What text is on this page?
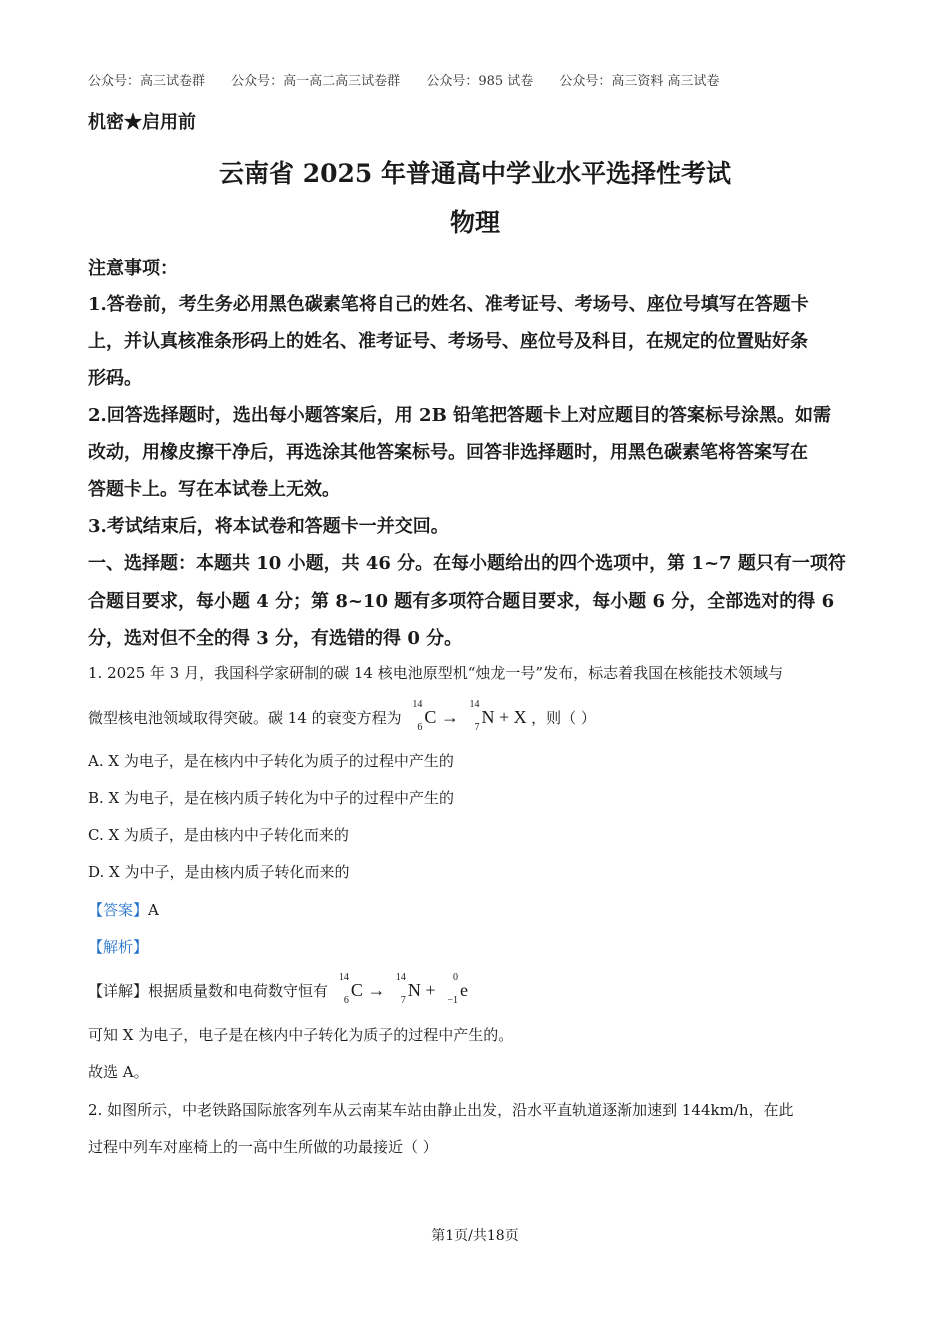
公众号：高三试卷群 公众号：高一高二高三试卷群 公众号：985 试卷 公众号：高三资料 高三试卷
机密★启用前
云南省 2025 年普通高中学业水平选择性考试
物理
注意事项：
1.答卷前，考生务必用黑色碳素笔将自己的姓名、准考证号、考场号、座位号填写在答题卡
上，并认真核准条形码上的姓名、准考证号、考场号、座位号及科目，在规定的位置贴好条
形码。
2.回答选择题时，选出每小题答案后，用 2B 铅笔把答题卡上对应题目的答案标号涂黑。如需
改动，用橡皮擦干净后，再选涂其他答案标号。回答非选择题时，用黑色碳素笔将答案写在
答题卡上。写在本试卷上无效。
3.考试结束后，将本试卷和答题卡一并交回。
一、选择题：本题共 10 小题，共 46 分。在每小题给出的四个选项中，第 1~7 题只有一项符
合题目要求，每小题 4 分；第 8~10 题有多项符合题目要求，每小题 6 分，全部选对的得 6
分，选对但不全的得 3 分，有选错的得 0 分。
1. 2025 年 3 月，我国科学家研制的碳 14 核电池原型机“烛龙一号”发布，标志着我国在核能技术领域与
微型核电池领域取得突破。碳 14 的衰变方程为
14
6
C →
14
7
N + X ，则（ ）
A. X 为电子，是在核内中子转化为质子的过程中产生的
B. X 为电子，是在核内质子转化为中子的过程中产生的
C. X 为质子，是由核内中子转化而来的
D. X 为中子，是由核内质子转化而来的
【答案】A
【解析】
【详解】根据质量数和电荷数守恒有
14
6
C →
14
7
N +
0
−1
e
可知 X 为电子，电子是在核内中子转化为质子的过程中产生的。
故选 A。
2. 如图所示，中老铁路国际旅客列车从云南某车站由静止出发，沿水平直轨道逐渐加速到 144km/h，在此
过程中列车对座椅上的一高中生所做的功最接近（ ）
第1页/共18页
